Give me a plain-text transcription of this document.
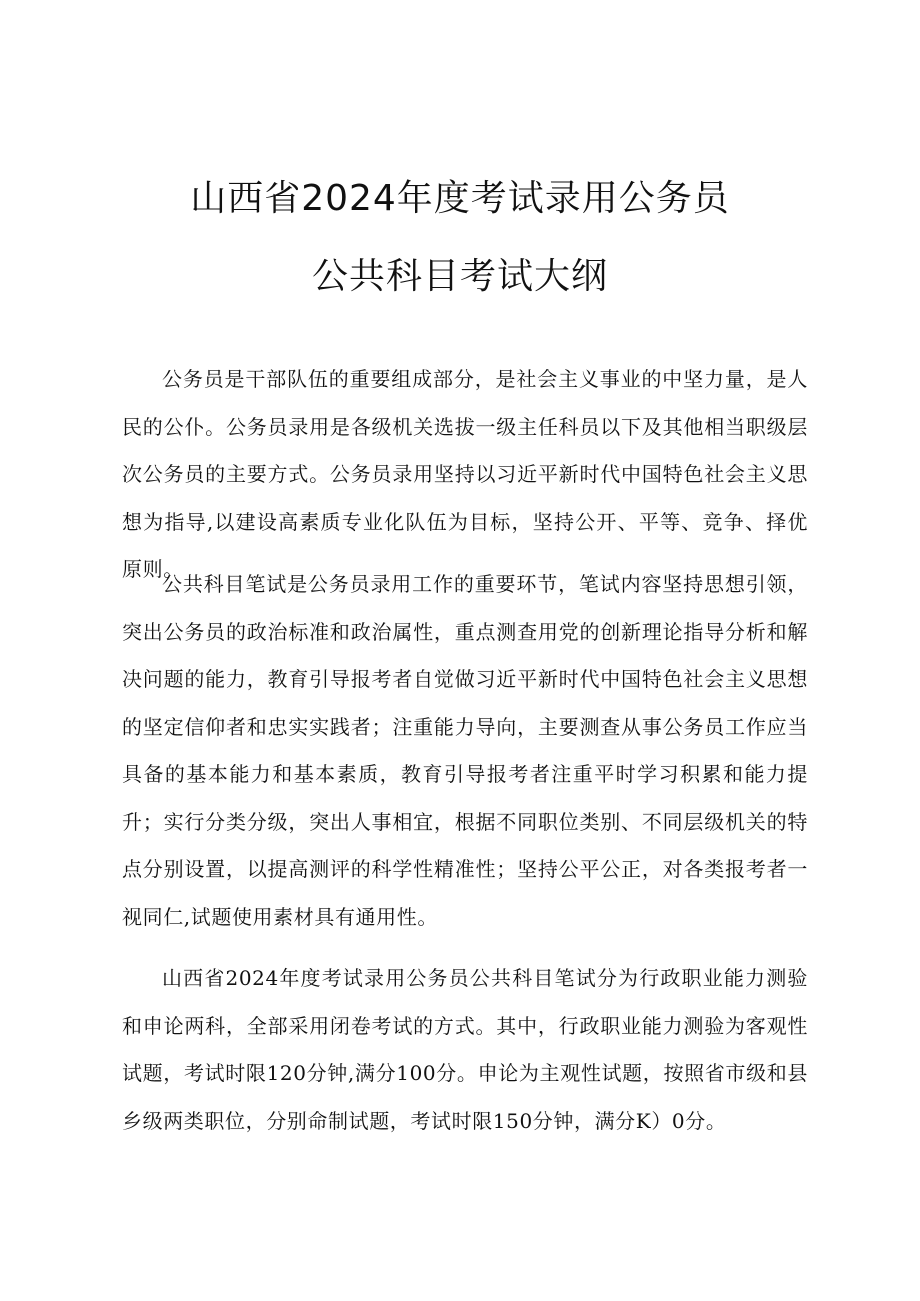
山西省2024年度考试录用公务员
公共科目考试大纲

公务员是干部队伍的重要组成部分，是社会主义事业的中坚力量，是人民的公仆。公务员录用是各级机关选拔一级主任科员以下及其他相当职级层次公务员的主要方式。公务员录用坚持以习近平新时代中国特色社会主义思想为指导,以建设高素质专业化队伍为目标，坚持公开、平等、竞争、择优原则。

公共科目笔试是公务员录用工作的重要环节，笔试内容坚持思想引领，突出公务员的政治标准和政治属性，重点测查用党的创新理论指导分析和解决问题的能力，教育引导报考者自觉做习近平新时代中国特色社会主义思想的坚定信仰者和忠实实践者；注重能力导向，主要测查从事公务员工作应当具备的基本能力和基本素质，教育引导报考者注重平时学习积累和能力提升；实行分类分级，突出人事相宜，根据不同职位类别、不同层级机关的特点分别设置，以提高测评的科学性精准性；坚持公平公正，对各类报考者一视同仁,试题使用素材具有通用性。

山西省2024年度考试录用公务员公共科目笔试分为行政职业能力测验和申论两科，全部采用闭卷考试的方式。其中，行政职业能力测验为客观性试题，考试时限120分钟,满分100分。申论为主观性试题，按照省市级和县乡级两类职位，分别命制试题，考试时限150分钟，满分K）0分。
